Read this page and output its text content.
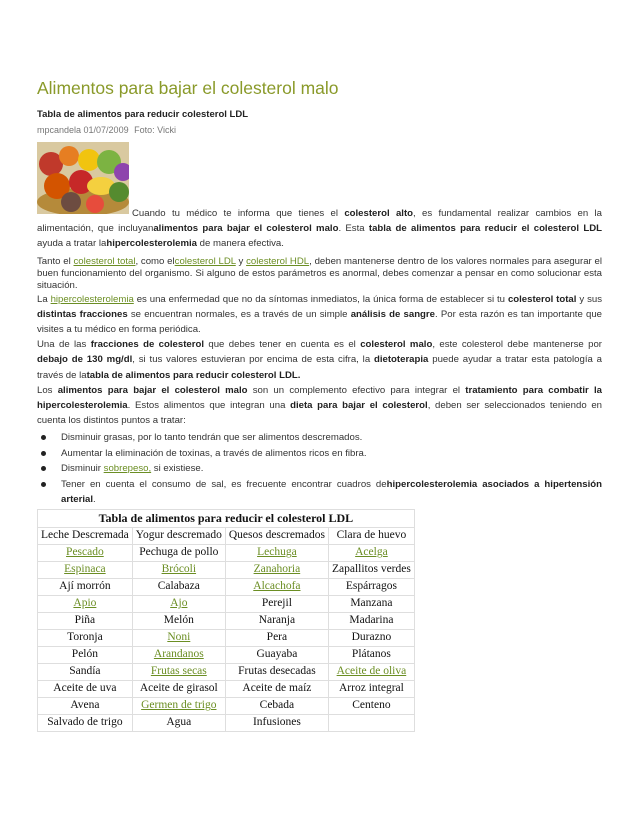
Alimentos para bajar el colesterol malo
Tabla de alimentos para reducir colesterol LDL
mpcandela 01/07/2009 Foto: Vicki

Cuando tu médico te informa que tienes el colesterol alto, es fundamental realizar cambios en la alimentación, que incluyanalimentos para bajar el colesterol malo. Esta tabla de alimentos para reducir el colesterol LDL ayuda a tratar lahipercolesterolemia de manera efectiva.

Tanto el colesterol total, como elcolesterol LDL y colesterol HDL, deben mantenerse dentro de los valores normales para asegurar el buen funcionamiento del organismo. Si alguno de estos parámetros es anormal, debes comenzar a pensar en como solucionar esta situación.

La hipercolesterolemia es una enfermedad que no da síntomas inmediatos, la única forma de establecer si tu colesterol total y sus distintas fracciones se encuentran normales, es a través de un simple análisis de sangre. Por esta razón es tan importante que visites a tu médico en forma periódica.

Una de las fracciones de colesterol que debes tener en cuenta es el colesterol malo, este colesterol debe mantenerse por debajo de 130 mg/dl, si tus valores estuvieran por encima de esta cifra, la dietoterapia puede ayudar a tratar esta patología a través de latabla de alimentos para reducir colesterol LDL.

Los alimentos para bajar el colesterol malo son un complemento efectivo para integrar el tratamiento para combatir la hipercolesterolemia. Estos alimentos que integran una dieta para bajar el colesterol, deben ser seleccionados teniendo en cuenta los distintos puntos a tratar:

Disminuir grasas, por lo tanto tendrán que ser alimentos descremados.
Aumentar la eliminación de toxinas, a través de alimentos ricos en fibra.
Disminuir sobrepeso, si existiese.
Tener en cuenta el consumo de sal, es frecuente encontrar cuadros dehipercolesterolemia asociados a hipertensión arterial.
Tabla de alimentos para reducir el colesterol LDL			
Leche Descremada	Yogur descremado	Quesos descremados	Clara de huevo
Pescado	Pechuga de pollo	Lechuga	Acelga
Espinaca	Brócoli	Zanahoria	Zapallitos verdes
Ají morrón	Calabaza	Alcachofa	Espárragos
Apio	Ajo	Perejil	Manzana
Piña	Melón	Naranja	Madarina
Toronja	Noni	Pera	Durazno
Pelón	Arandanos	Guayaba	Plátanos
Sandía	Frutas secas	Frutas desecadas	Aceite de oliva
Aceite de uva	Aceite de girasol	Aceite de maíz	Arroz integral
Avena	Germen de trigo	Cebada	Centeno
Salvado de trigo	Agua	Infusiones	
